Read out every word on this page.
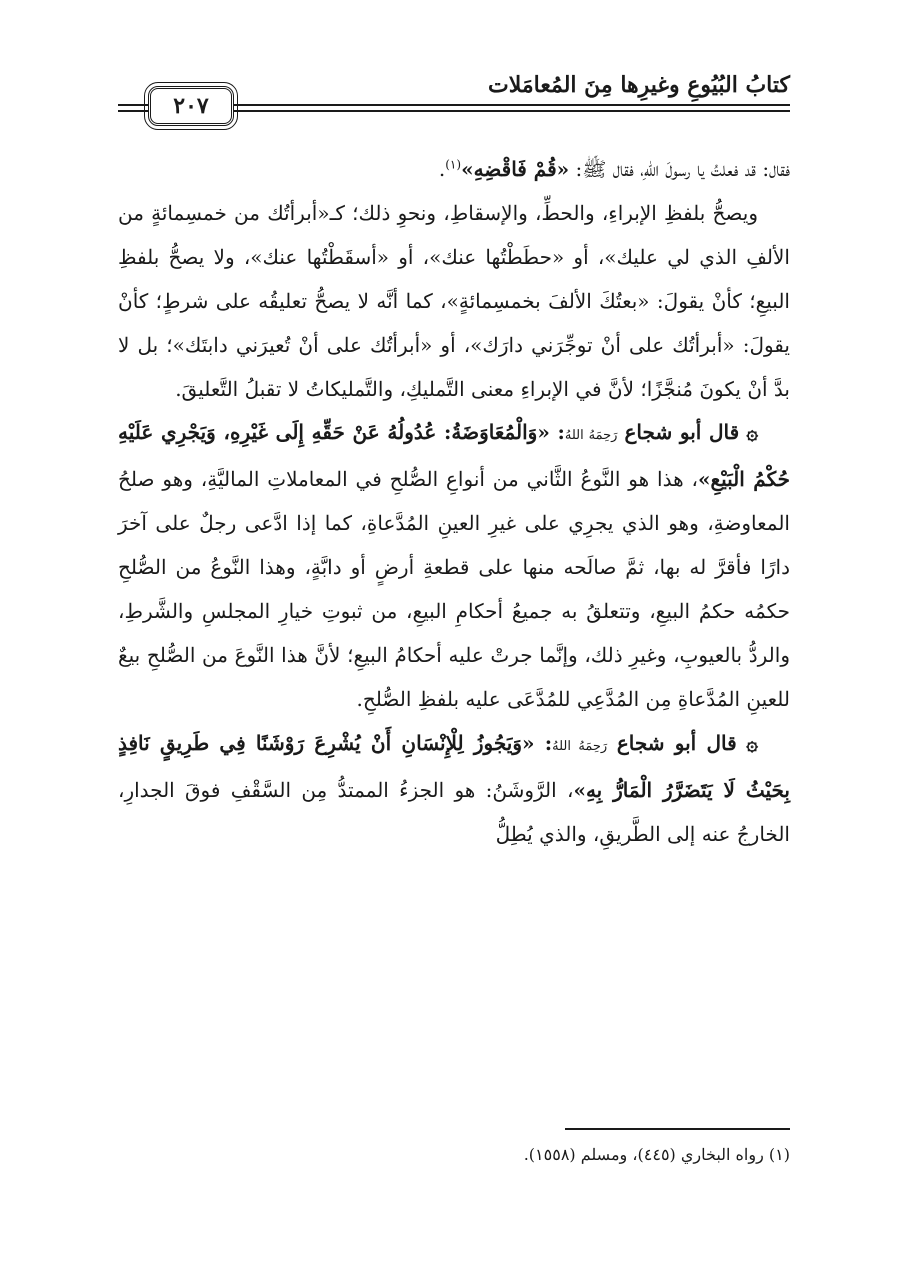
كتابُ البُيُوعِ وغيرِها مِنَ المُعامَلات
٢٠٧

فقال: قد فعلتُ يا رسولَ اللهِ، فقال ﷺ: «قُمْ فَاقْضِهِ»$^{(١)}$.

ويصحُّ بلفظِ الإبراءِ، والحطِّ، والإسقاطِ، ونحوِ ذلك؛ كـ«أبرأتُك من خمسِمائةٍ من الألفِ الذي لي عليك»، أو «حطَطْتُها عنك»، أو «أسقَطْتُها عنك»، ولا يصحُّ بلفظِ البيعِ؛ كأنْ يقولَ: «بعتُكَ الألفَ بخمسِمائةٍ»، كما أنَّه لا يصحُّ تعليقُه على شرطٍ؛ كأنْ يقولَ: «أبرأتُك على أنْ توجِّرَني دارَك»، أو «أبرأتُك على أنْ تُعيرَني دابتَك»؛ بل لا بدَّ أنْ يكونَ مُنجَّزًا؛ لأنَّ في الإبراءِ معنى التَّمليكِ، والتَّمليكاتُ لا تقبلُ التَّعليقَ.

۞ قال أبو شجاع رَحِمَهُ اللهُ: «وَالْمُعَاوَضَةُ: عُدُولُهُ عَنْ حَقِّهِ إِلَى غَيْرِهِ، وَيَجْرِي عَلَيْهِ حُكْمُ الْبَيْعِ»، هذا هو النَّوعُ الثَّاني من أنواعِ الصُّلحِ في المعاملاتِ الماليَّةِ، وهو صلحُ المعاوضةِ، وهو الذي يجرِي على غيرِ العينِ المُدَّعاةِ، كما إذا ادَّعى رجلٌ على آخرَ دارًا فأقرَّ له بها، ثمَّ صالَحه منها على قطعةِ أرضٍ أو دابَّةٍ، وهذا النَّوعُ من الصُّلحِ حكمُه حكمُ البيعِ، وتتعلقُ به جميعُ أحكامِ البيعِ، من ثبوتِ خيارِ المجلسِ والشَّرطِ، والردُّ بالعيوبِ، وغيرِ ذلك، وإنَّما جرتْ عليه أحكامُ البيعِ؛ لأنَّ هذا النَّوعَ من الصُّلحِ بيعٌ للعينِ المُدَّعاةِ مِن المُدَّعِي للمُدَّعَى عليه بلفظِ الصُّلحِ.

۞ قال أبو شجاع رَحِمَهُ اللهُ: «وَيَجُوزُ لِلْإِنْسَانِ أَنْ يُشْرِعَ رَوْشَنًا فِي طَرِيقٍ نَافِذٍ بِحَيْثُ لَا يَتَضَرَّرُ الْمَارُّ بِهِ»، الرَّوشَنُ: هو الجزءُ الممتدُّ مِن السَّقْفِ فوقَ الجدارِ، الخارجُ عنه إلى الطَّريقِ، والذي يُطِلُّ

(١) رواه البخاري (٤٤٥)، ومسلم (١٥٥٨).
